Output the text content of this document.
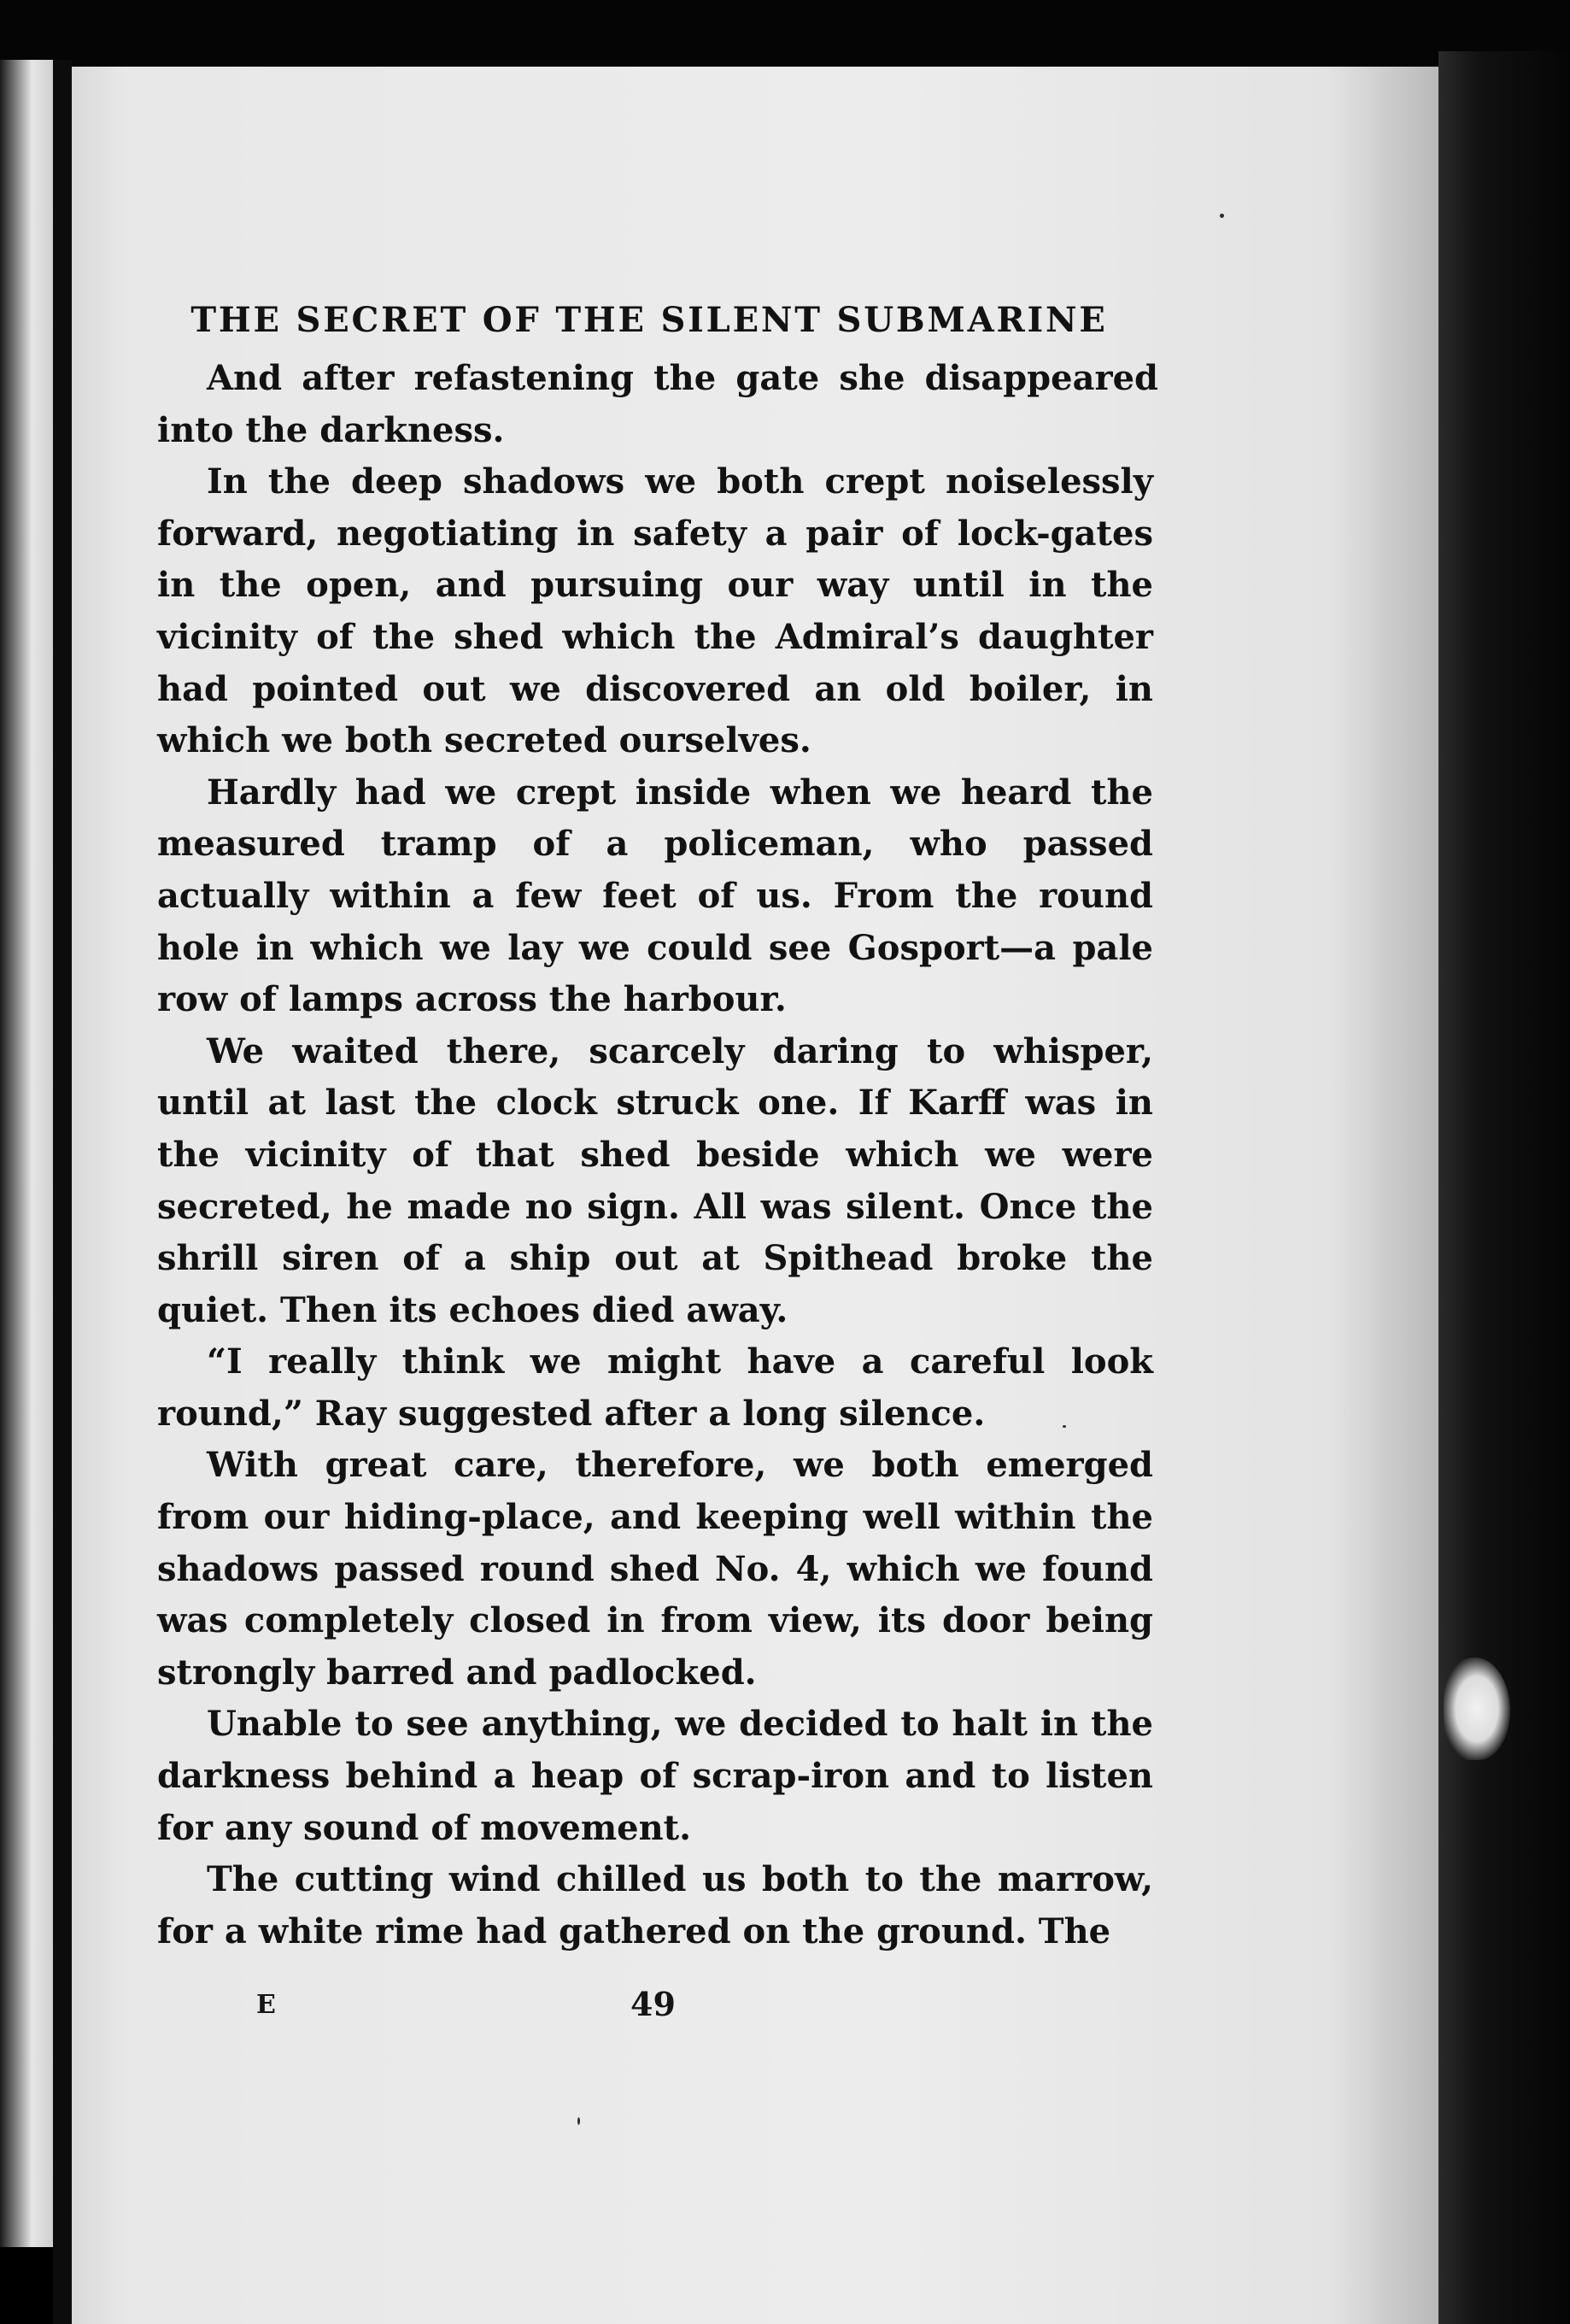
THE SECRET OF THE SILENT SUBMARINE

And after refastening the gate she disappeared into the darkness.

In the deep shadows we both crept noiselessly forward, negotiating in safety a pair of lock-gates in the open, and pursuing our way until in the vicinity of the shed which the Admiral’s daughter had pointed out we discovered an old boiler, in which we both secreted ourselves.

Hardly had we crept inside when we heard the measured tramp of a policeman, who passed actually within a few feet of us. From the round hole in which we lay we could see Gosport—a pale row of lamps across the harbour.

We waited there, scarcely daring to whisper, until at last the clock struck one. If Karff was in the vicinity of that shed beside which we were secreted, he made no sign. All was silent. Once the shrill siren of a ship out at Spithead broke the quiet. Then its echoes died away.

“I really think we might have a careful look round,” Ray suggested after a long silence.

With great care, therefore, we both emerged from our hiding-place, and keeping well within the shadows passed round shed No. 4, which we found was completely closed in from view, its door being strongly barred and padlocked.

Unable to see anything, we decided to halt in the darkness behind a heap of scrap-iron and to listen for any sound of movement.

The cutting wind chilled us both to the marrow, for a white rime had gathered on the ground. The

E	49
